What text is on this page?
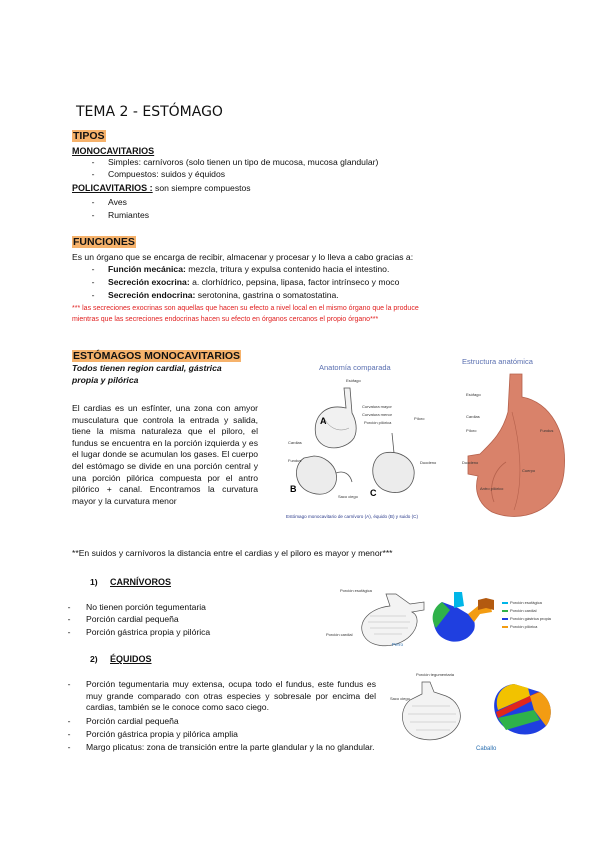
TEMA 2 - ESTÓMAGO
TIPOS
MONOCAVITARIOS
-	Simples: carnívoros (solo tienen un tipo de mucosa, mucosa glandular)
-	Compuestos: suidos y équidos
POLICAVITARIOS : son siempre compuestos
-	Aves
-	Rumiantes
FUNCIONES
Es un órgano que se encarga de recibir, almacenar y procesar y lo lleva a cabo gracias a:
-	Función mecánica: mezcla, tritura y expulsa contenido hacia el intestino.
-	Secreción exocrina: a. clorhídrico, pepsina, lipasa, factor intrínseco y moco
-	Secreción endocrina: serotonina, gastrina o somatostatina.
*** las secreciones exocrinas son aquellas que hacen su efecto a nivel local en el mismo órgano que la produce
mientras que las secreciones endocrinas hacen su efecto en órganos cercanos el propio órgano***
ESTÓMAGOS MONOCAVITARIOS
Todos tienen region cardial, gástrica
propia y pilórica
El cardias es un esfínter, una zona con amyor musculatura que controla la entrada y salida, tiene la misma naturaleza que el piloro, el fundus se encuentra en la porción izquierda y es el lugar donde se acumulan los gases. El cuerpo del estómago se divide en una porción central y una porción pilórica compuesta por el antro pilórico + canal. Encontramos la curvatura mayor y la curvatura menor
**En suidos y carnívoros la distancia entre el cardias y el piloro es mayor y menor***
Anatomía comparada
A
B	C
Esófago
Curvatura mayor
Curvatura menor
Porción pilórica
Píloro
Cardias
Fundus	Duodeno
Saco ciego
Estómago monocavitario de carnívoro (A), équido (B) y suido (C)
Estructura anatómica
Esófago
Cardias
Píloro
Duodeno
Antro pilórico
Cuerpo
Fundus
1) CARNÍVOROS
-	No tienen porción tegumentaria
-	Porción cardial pequeña
-	Porción gástrica propia y pilórica
Porción esofágica
Porción cardial
Perro
Porción esofágica
Porción cardial
Porción gástrica propia
Porción pilórica
2) ÉQUIDOS
-	Porción tegumentaria muy extensa, ocupa todo el fundus, este fundus es muy grande comparado con otras especies y sobresale por encima del cardias, también se le conoce como saco ciego.
-	Porción cardial pequeña
-	Porción gástrica propia y pilórica amplia
-	Margo plicatus: zona de transición entre la parte glandular y la no glandular.
Porción tegumentaria
Saco ciego
Caballo
